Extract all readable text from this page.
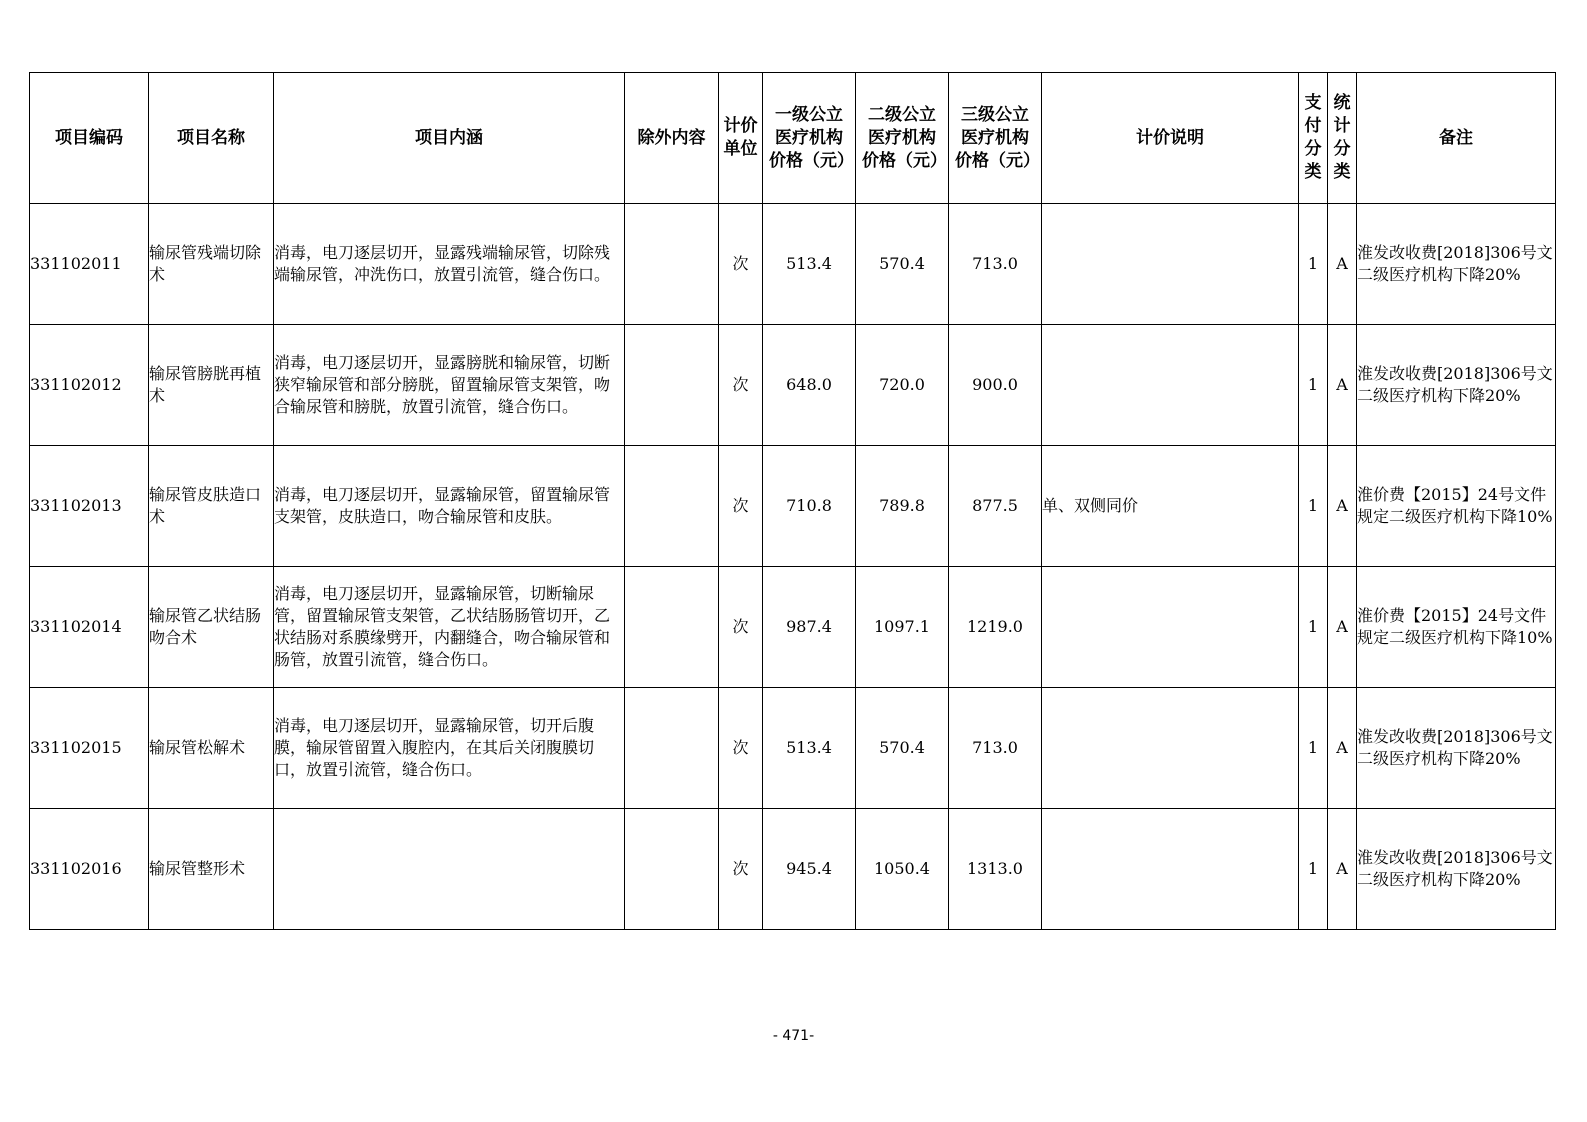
项目编码	项目名称	项目内涵	除外内容	计价单位	一级公立医疗机构价格（元）	二级公立医疗机构价格（元）	三级公立医疗机构价格（元）	计价说明	支付分类	统计分类	备注
331102011	输尿管残端切除术	消毒，电刀逐层切开，显露残端输尿管，切除残端输尿管，冲洗伤口，放置引流管，缝合伤口。		次	513.4	570.4	713.0		1	A	淮发改收费[2018]306号文二级医疗机构下降20%
331102012	输尿管膀胱再植术	消毒，电刀逐层切开，显露膀胱和输尿管，切断狭窄输尿管和部分膀胱，留置输尿管支架管，吻合输尿管和膀胱，放置引流管，缝合伤口。		次	648.0	720.0	900.0		1	A	淮发改收费[2018]306号文二级医疗机构下降20%
331102013	输尿管皮肤造口术	消毒，电刀逐层切开，显露输尿管，留置输尿管支架管，皮肤造口，吻合输尿管和皮肤。		次	710.8	789.8	877.5	单、双侧同价	1	A	淮价费【2015】24号文件规定二级医疗机构下降10%
331102014	输尿管乙状结肠吻合术	消毒，电刀逐层切开，显露输尿管，切断输尿管，留置输尿管支架管，乙状结肠肠管切开，乙状结肠对系膜缘劈开，内翻缝合，吻合输尿管和肠管，放置引流管，缝合伤口。		次	987.4	1097.1	1219.0		1	A	淮价费【2015】24号文件规定二级医疗机构下降10%
331102015	输尿管松解术	消毒，电刀逐层切开，显露输尿管，切开后腹膜，输尿管留置入腹腔内，在其后关闭腹膜切口，放置引流管，缝合伤口。		次	513.4	570.4	713.0		1	A	淮发改收费[2018]306号文二级医疗机构下降20%
331102016	输尿管整形术			次	945.4	1050.4	1313.0		1	A	淮发改收费[2018]306号文二级医疗机构下降20%
- 471-
